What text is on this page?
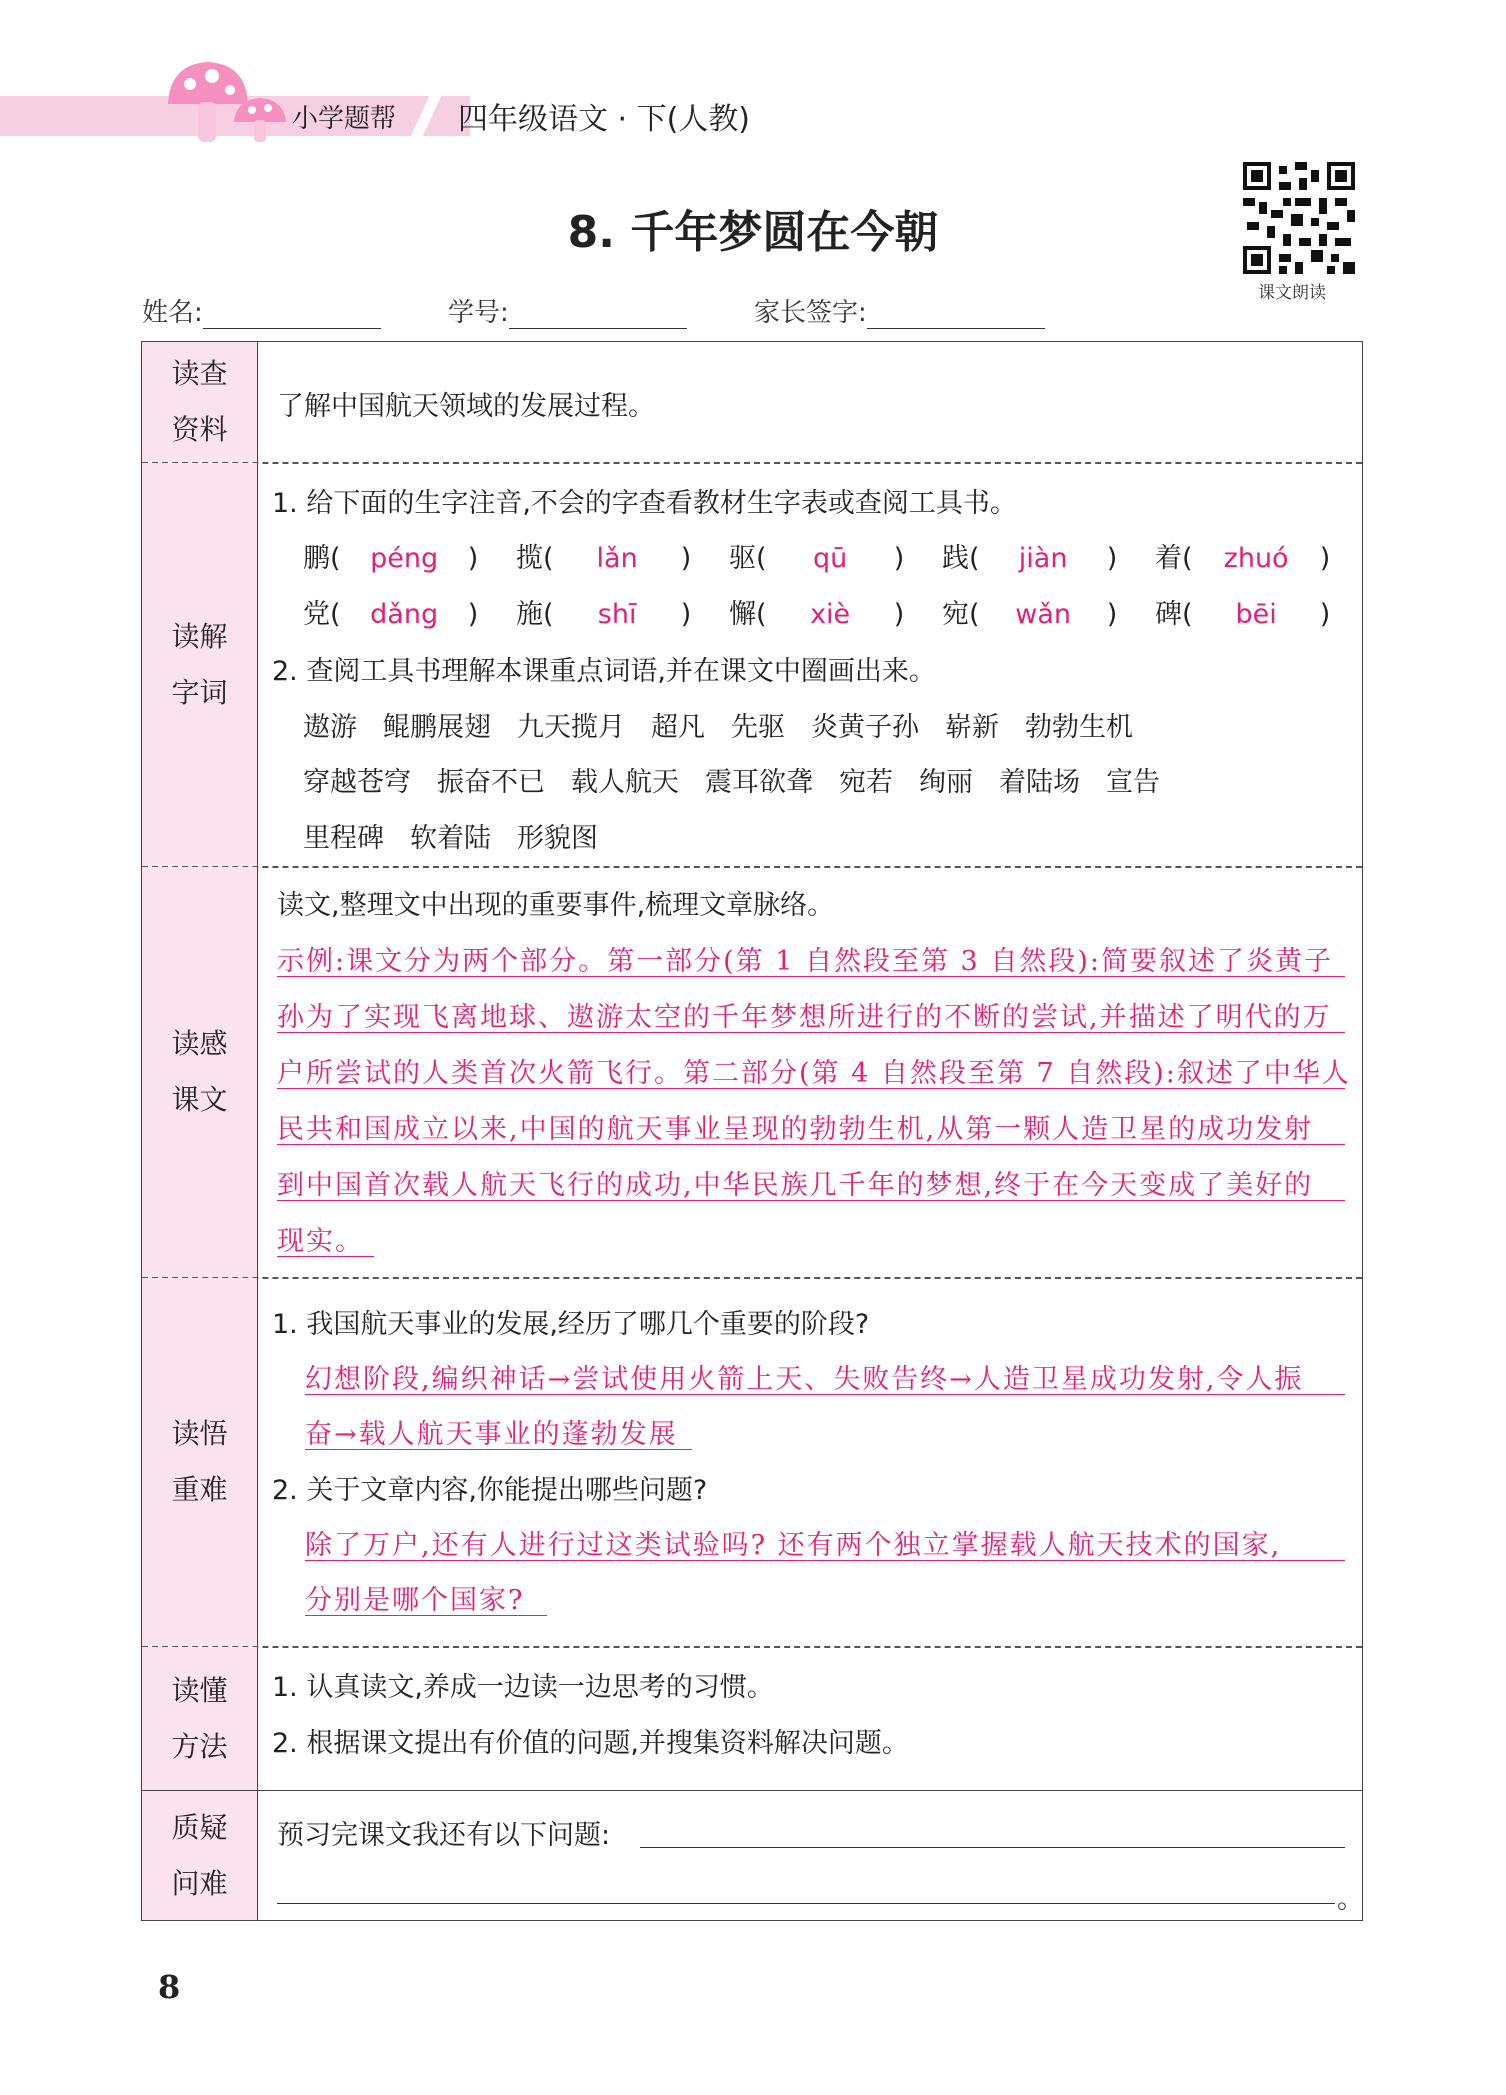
小学题帮 四年级语文 · 下(人教)
8. 千年梦圆在今朝
课文朗读
姓名:	学号:	家长签字:
读查
资料
了解中国航天领域的发展过程。
读解
字词
1. 给下面的生字注音,不会的字查看教材生字表或查阅工具书。
鹏( péng ) 揽( lǎn ) 驱( qū ) 践( jiàn ) 着( zhuó )
党( dǎng ) 施( shī ) 懈( xiè ) 宛( wǎn ) 碑( bēi )
2. 查阅工具书理解本课重点词语,并在课文中圈画出来。
遨游 鲲鹏展翅 九天揽月 超凡 先驱 炎黄子孙 崭新 勃勃生机
穿越苍穹 振奋不已 载人航天 震耳欲聋 宛若 绚丽 着陆场 宣告
里程碑 软着陆 形貌图
读感
课文
读文,整理文中出现的重要事件,梳理文章脉络。
示例:课文分为两个部分。第一部分(第 1 自然段至第 3 自然段):简要叙述了炎黄子
孙为了实现飞离地球、遨游太空的千年梦想所进行的不断的尝试,并描述了明代的万
户所尝试的人类首次火箭飞行。第二部分(第 4 自然段至第 7 自然段):叙述了中华人
民共和国成立以来,中国的航天事业呈现的勃勃生机,从第一颗人造卫星的成功发射
到中国首次载人航天飞行的成功,中华民族几千年的梦想,终于在今天变成了美好的
现实。
读悟
重难
1. 我国航天事业的发展,经历了哪几个重要的阶段?
幻想阶段,编织神话→尝试使用火箭上天、失败告终→人造卫星成功发射,令人振
奋→载人航天事业的蓬勃发展
2. 关于文章内容,你能提出哪些问题?
除了万户,还有人进行过这类试验吗? 还有两个独立掌握载人航天技术的国家,
分别是哪个国家?
读懂
方法
1. 认真读文,养成一边读一边思考的习惯。
2. 根据课文提出有价值的问题,并搜集资料解决问题。
质疑
问难
预习完课文我还有以下问题:
。
8
